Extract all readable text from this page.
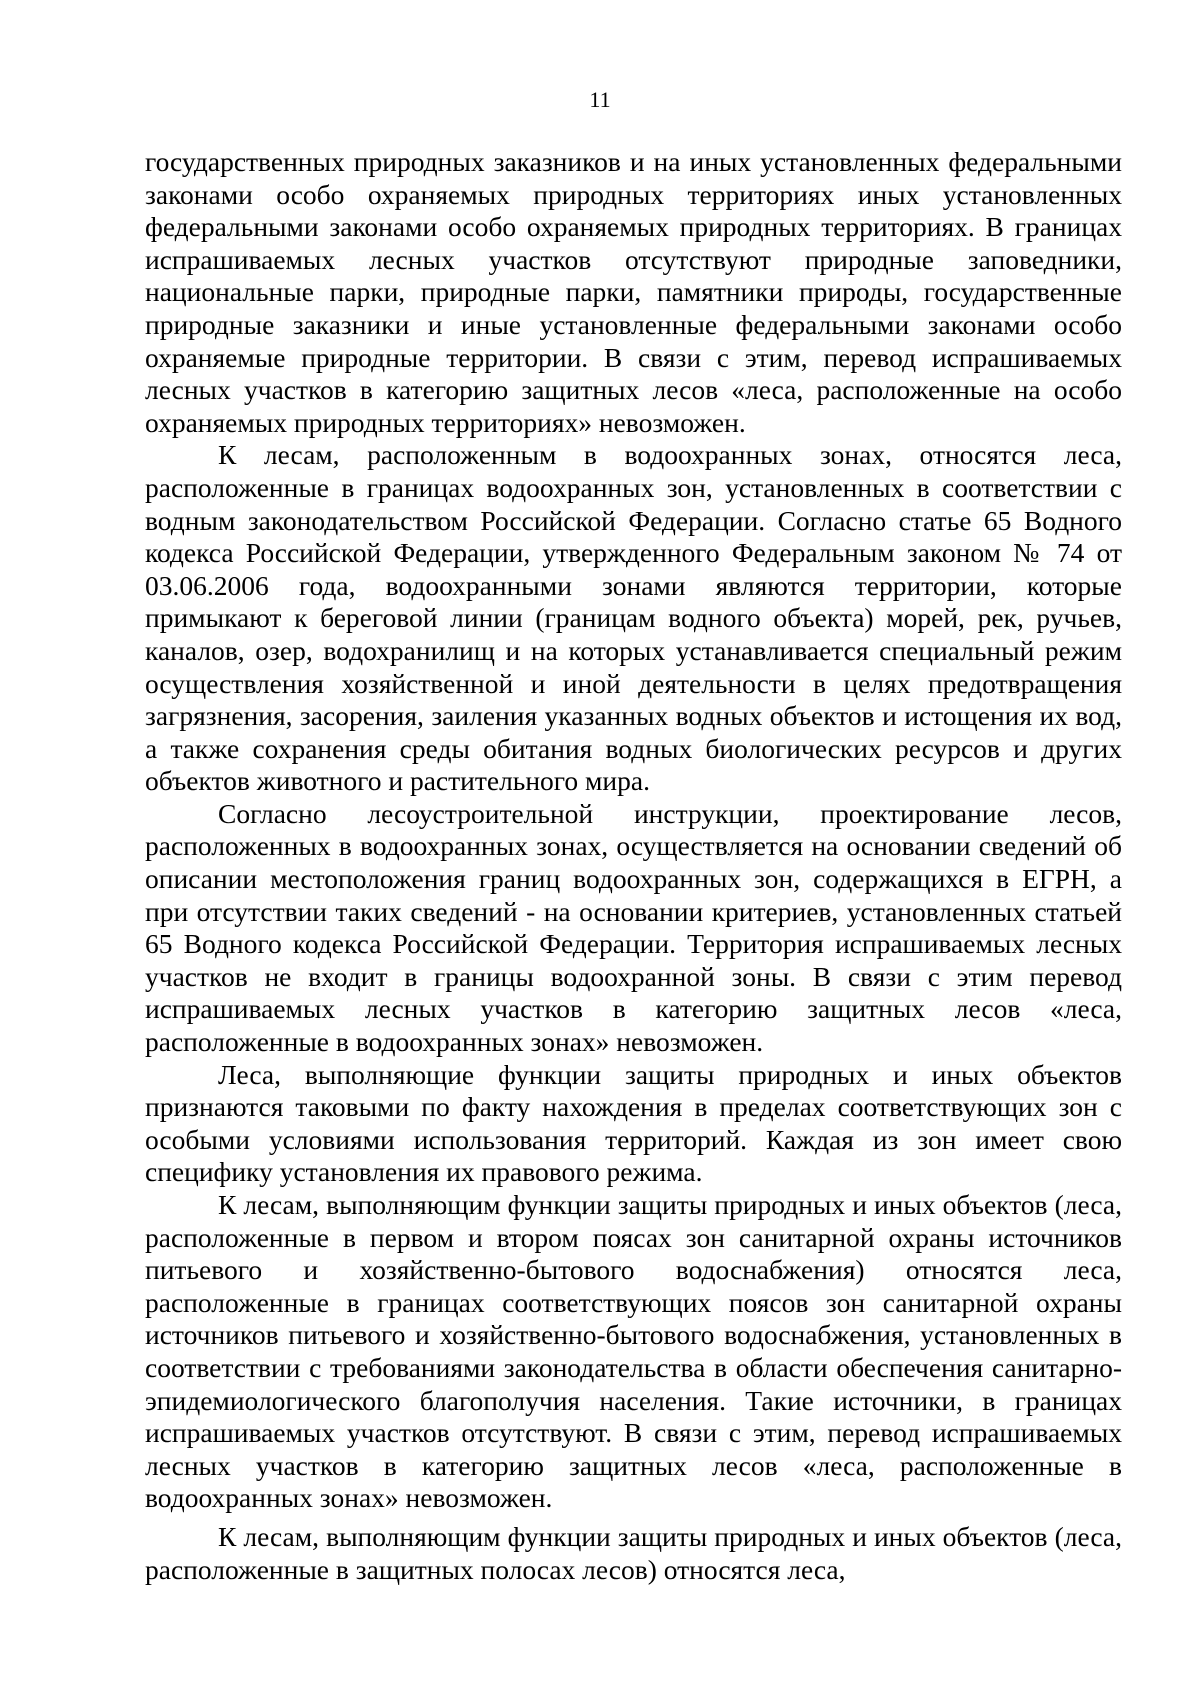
11

государственных природных заказников и на иных установленных федеральными законами особо охраняемых природных территориях иных установленных федеральными законами особо охраняемых природных территориях. В границах испрашиваемых лесных участков отсутствуют природные заповедники, национальные парки, природные парки, памятники природы, государственные природные заказники и иные установленные федеральными законами особо охраняемые природные территории. В связи с этим, перевод испрашиваемых лесных участков в категорию защитных лесов «леса, расположенные на особо охраняемых природных территориях» невозможен.

К лесам, расположенным в водоохранных зонах, относятся леса, расположенные в границах водоохранных зон, установленных в соответствии с водным законодательством Российской Федерации. Согласно статье 65 Водного кодекса Российской Федерации, утвержденного Федеральным законом № 74 от 03.06.2006 года, водоохранными зонами являются территории, которые примыкают к береговой линии (границам водного объекта) морей, рек, ручьев, каналов, озер, водохранилищ и на которых устанавливается специальный режим осуществления хозяйственной и иной деятельности в целях предотвращения загрязнения, засорения, заиления указанных водных объектов и истощения их вод, а также сохранения среды обитания водных биологических ресурсов и других объектов животного и растительного мира.

Согласно лесоустроительной инструкции, проектирование лесов, расположенных в водоохранных зонах, осуществляется на основании сведений об описании местоположения границ водоохранных зон, содержащихся в ЕГРН, а при отсутствии таких сведений - на основании критериев, установленных статьей 65 Водного кодекса Российской Федерации. Территория испрашиваемых лесных участков не входит в границы водоохранной зоны. В связи с этим перевод испрашиваемых лесных участков в категорию защитных лесов «леса, расположенные в водоохранных зонах» невозможен.

Леса, выполняющие функции защиты природных и иных объектов признаются таковыми по факту нахождения в пределах соответствующих зон с особыми условиями использования территорий. Каждая из зон имеет свою специфику установления их правового режима.

К лесам, выполняющим функции защиты природных и иных объектов (леса, расположенные в первом и втором поясах зон санитарной охраны источников питьевого и хозяйственно-бытового водоснабжения) относятся леса, расположенные в границах соответствующих поясов зон санитарной охраны источников питьевого и хозяйственно-бытового водоснабжения, установленных в соответствии с требованиями законодательства в области обеспечения санитарно-эпидемиологического благополучия населения. Такие источники, в границах испрашиваемых участков отсутствуют. В связи с этим, перевод испрашиваемых лесных участков в категорию защитных лесов «леса, расположенные в водоохранных зонах» невозможен.

К лесам, выполняющим функции защиты природных и иных объектов (леса, расположенные в защитных полосах лесов) относятся леса,
